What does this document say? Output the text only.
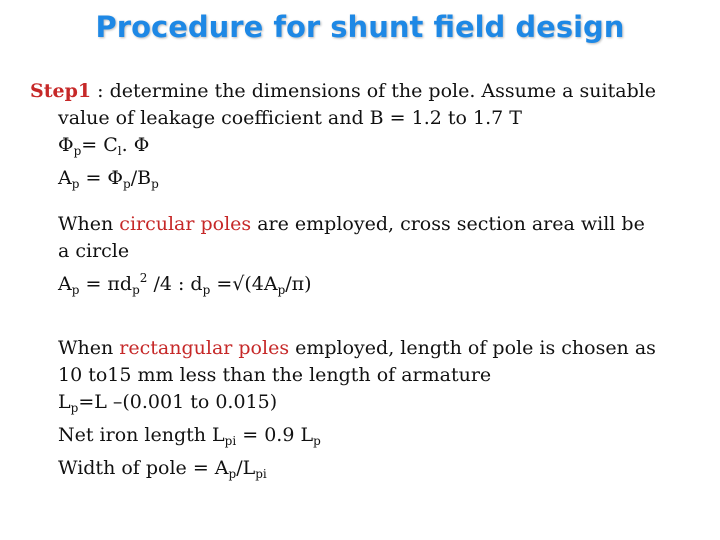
Procedure for shunt field design
Step1 : determine the dimensions of the pole. Assume a suitable
value of leakage coefficient and B = 1.2 to 1.7 T
$\Phi_p= C_l$. Φ
$A_p = \Phi_p/B_p$
When circular poles are employed, cross section area will be
a circle
$A_p = \pi d_p^2$ /4 : $d_p =√(4A_p/\pi)$
When rectangular poles employed, length of pole is chosen as
10 to15 mm less than the length of armature
$L_p=L$ –(0.001 to 0.015)
Net iron length $L_{pi} = 0.9$ $L_p$
Width of pole = $A_p/L_{pi}$
